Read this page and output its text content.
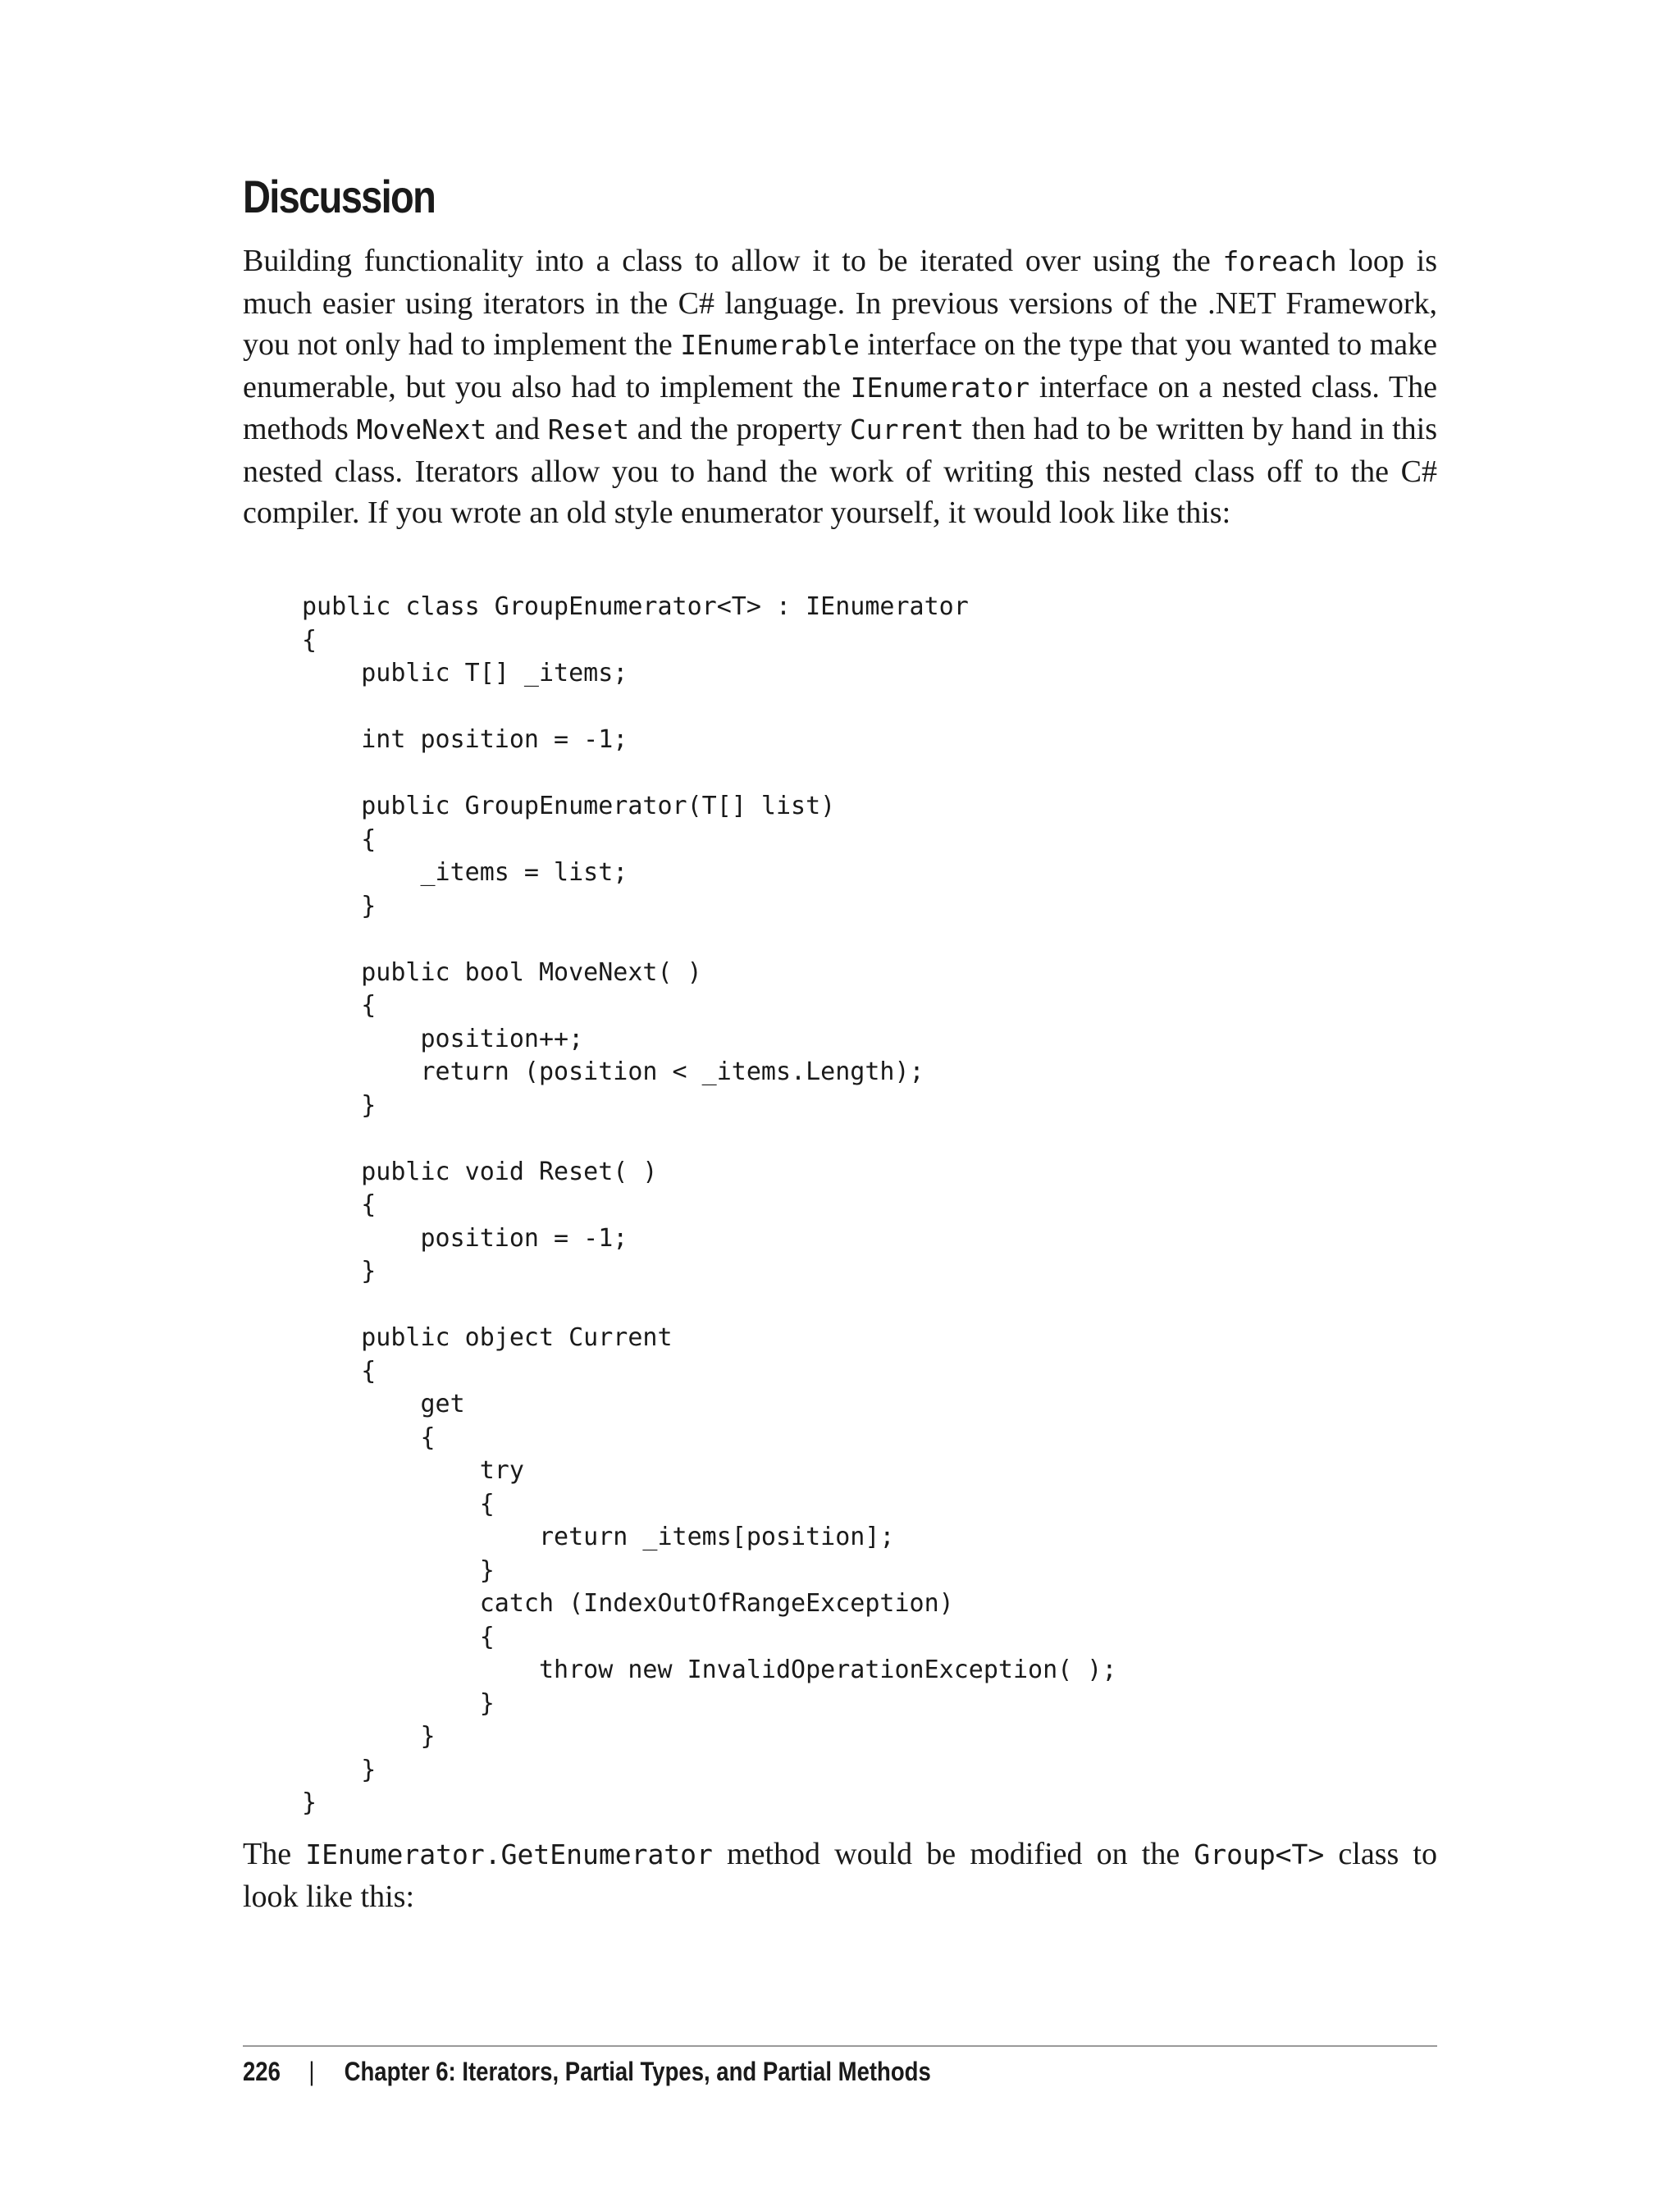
Discussion

Building functionality into a class to allow it to be iterated over using the foreach loop is much easier using iterators in the C# language. In previous versions of the .NET Framework, you not only had to implement the IEnumerable interface on the type that you wanted to make enumerable, but you also had to implement the IEnumerator interface on a nested class. The methods MoveNext and Reset and the property Current then had to be written by hand in this nested class. Iterators allow you to hand the work of writing this nested class off to the C# compiler. If you wrote an old style enumerator yourself, it would look like this:

public class GroupEnumerator<T> : IEnumerator
{
public T[] _items;
int position = -1;
public GroupEnumerator(T[] list)
{
_items = list;
}
public bool MoveNext( )
{
position++;
return (position < _items.Length);
}
public void Reset( )
{
position = -1;
}
public object Current
{
get
{
try
{
return _items[position];
}
catch (IndexOutOfRangeException)
{
throw new InvalidOperationException( );
}
}
}
}

The IEnumerator.GetEnumerator method would be modified on the Group<T> class to look like this:

226 | Chapter 6: Iterators, Partial Types, and Partial Methods
